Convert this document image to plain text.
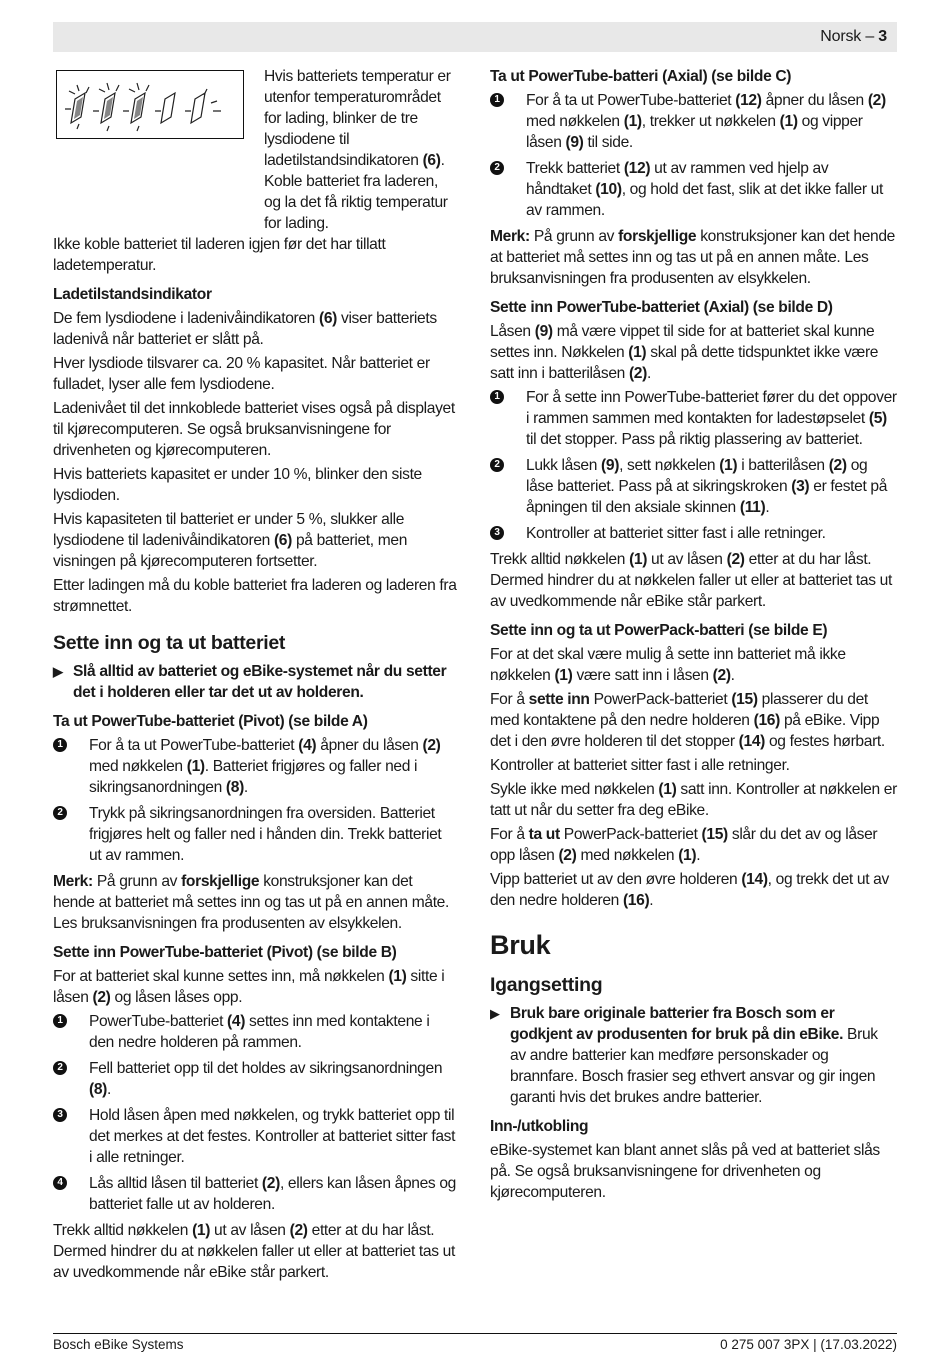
Norsk – 3
Hvis batteriets temperatur er utenfor temperaturområdet for lading, blinker de tre lysdiodene til ladetilstandsindikatoren (6). Koble batteriet fra laderen, og la det få riktig temperatur for lading.

Ikke koble batteriet til laderen igjen før det har tillatt ladetemperatur.

Ladetilstandsindikator

De fem lysdiodene i ladenivåindikatoren (6) viser batteriets ladenivå når batteriet er slått på.

Hver lysdiode tilsvarer ca. 20 % kapasitet. Når batteriet er fulladet, lyser alle fem lysdiodene.

Ladenivået til det innkoblede batteriet vises også på displayet til kjørecomputeren. Se også bruksanvisningene for drivenheten og kjørecomputeren.

Hvis batteriets kapasitet er under 10 %, blinker den siste lysdioden.

Hvis kapasiteten til batteriet er under 5 %, slukker alle lysdiodene til ladenivåindikatoren (6) på batteriet, men visningen på kjørecomputeren fortsetter.

Etter ladingen må du koble batteriet fra laderen og laderen fra strømnettet.

Sette inn og ta ut batteriet
▶ Slå alltid av batteriet og eBike-systemet når du setter det i holderen eller tar det ut av holderen.
Ta ut PowerTube-batteriet (Pivot) (se bilde A)
1 For å ta ut PowerTube-batteriet (4) åpner du låsen (2) med nøkkelen (1). Batteriet frigjøres og faller ned i sikringsanordningen (8).
2 Trykk på sikringsanordningen fra oversiden. Batteriet frigjøres helt og faller ned i hånden din. Trekk batteriet ut av rammen.

Merk: På grunn av forskjellige konstruksjoner kan det hende at batteriet må settes inn og tas ut på en annen måte. Les bruksanvisningen fra produsenten av elsykkelen.

Sette inn PowerTube-batteriet (Pivot) (se bilde B)

For at batteriet skal kunne settes inn, må nøkkelen (1) sitte i låsen (2) og låsen låses opp.

1 PowerTube-batteriet (4) settes inn med kontaktene i den nedre holderen på rammen.
2 Fell batteriet opp til det holdes av sikringsanordningen (8).
3 Hold låsen åpen med nøkkelen, og trykk batteriet opp til det merkes at det festes. Kontroller at batteriet sitter fast i alle retninger.
4 Lås alltid låsen til batteriet (2), ellers kan låsen åpnes og batteriet falle ut av holderen.

Trekk alltid nøkkelen (1) ut av låsen (2) etter at du har låst. Dermed hindrer du at nøkkelen faller ut eller at batteriet tas ut av uvedkommende når eBike står parkert.

Ta ut PowerTube-batteri (Axial) (se bilde C)
1 For å ta ut PowerTube-batteriet (12) åpner du låsen (2) med nøkkelen (1), trekker ut nøkkelen (1) og vipper låsen (9) til side.
2 Trekk batteriet (12) ut av rammen ved hjelp av håndtaket (10), og hold det fast, slik at det ikke faller ut av rammen.

Merk: På grunn av forskjellige konstruksjoner kan det hende at batteriet må settes inn og tas ut på en annen måte. Les bruksanvisningen fra produsenten av elsykkelen.

Sette inn PowerTube-batteriet (Axial) (se bilde D)

Låsen (9) må være vippet til side for at batteriet skal kunne settes inn. Nøkkelen (1) skal på dette tidspunktet ikke være satt inn i batterilåsen (2).

1 For å sette inn PowerTube-batteriet fører du det oppover i rammen sammen med kontakten for ladestøpselet (5) til det stopper. Pass på riktig plassering av batteriet.
2 Lukk låsen (9), sett nøkkelen (1) i batterilåsen (2) og låse batteriet. Pass på at sikringskroken (3) er festet på åpningen til den aksiale skinnen (11).
3 Kontroller at batteriet sitter fast i alle retninger.

Trekk alltid nøkkelen (1) ut av låsen (2) etter at du har låst. Dermed hindrer du at nøkkelen faller ut eller at batteriet tas ut av uvedkommende når eBike står parkert.

Sette inn og ta ut PowerPack-batteri (se bilde E)

For at det skal være mulig å sette inn batteriet må ikke nøkkelen (1) være satt inn i låsen (2).

For å sette inn PowerPack-batteriet (15) plasserer du det med kontaktene på den nedre holderen (16) på eBike. Vipp det i den øvre holderen til det stopper (14) og festes hørbart.

Kontroller at batteriet sitter fast i alle retninger.

Sykle ikke med nøkkelen (1) satt inn. Kontroller at nøkkelen er tatt ut når du setter fra deg eBike.

For å ta ut PowerPack-batteriet (15) slår du det av og låser opp låsen (2) med nøkkelen (1).

Vipp batteriet ut av den øvre holderen (14), og trekk det ut av den nedre holderen (16).

Bruk
Igangsetting
▶ Bruk bare originale batterier fra Bosch som er godkjent av produsenten for bruk på din eBike. Bruk av andre batterier kan medføre personskader og brannfare. Bosch frasier seg ethvert ansvar og gir ingen garanti hvis det brukes andre batterier.
Inn-/utkobling

eBike-systemet kan blant annet slås på ved at batteriet slås på. Se også bruksanvisningene for drivenheten og kjørecomputeren.

Bosch eBike Systems	0 275 007 3PX | (17.03.2022)
